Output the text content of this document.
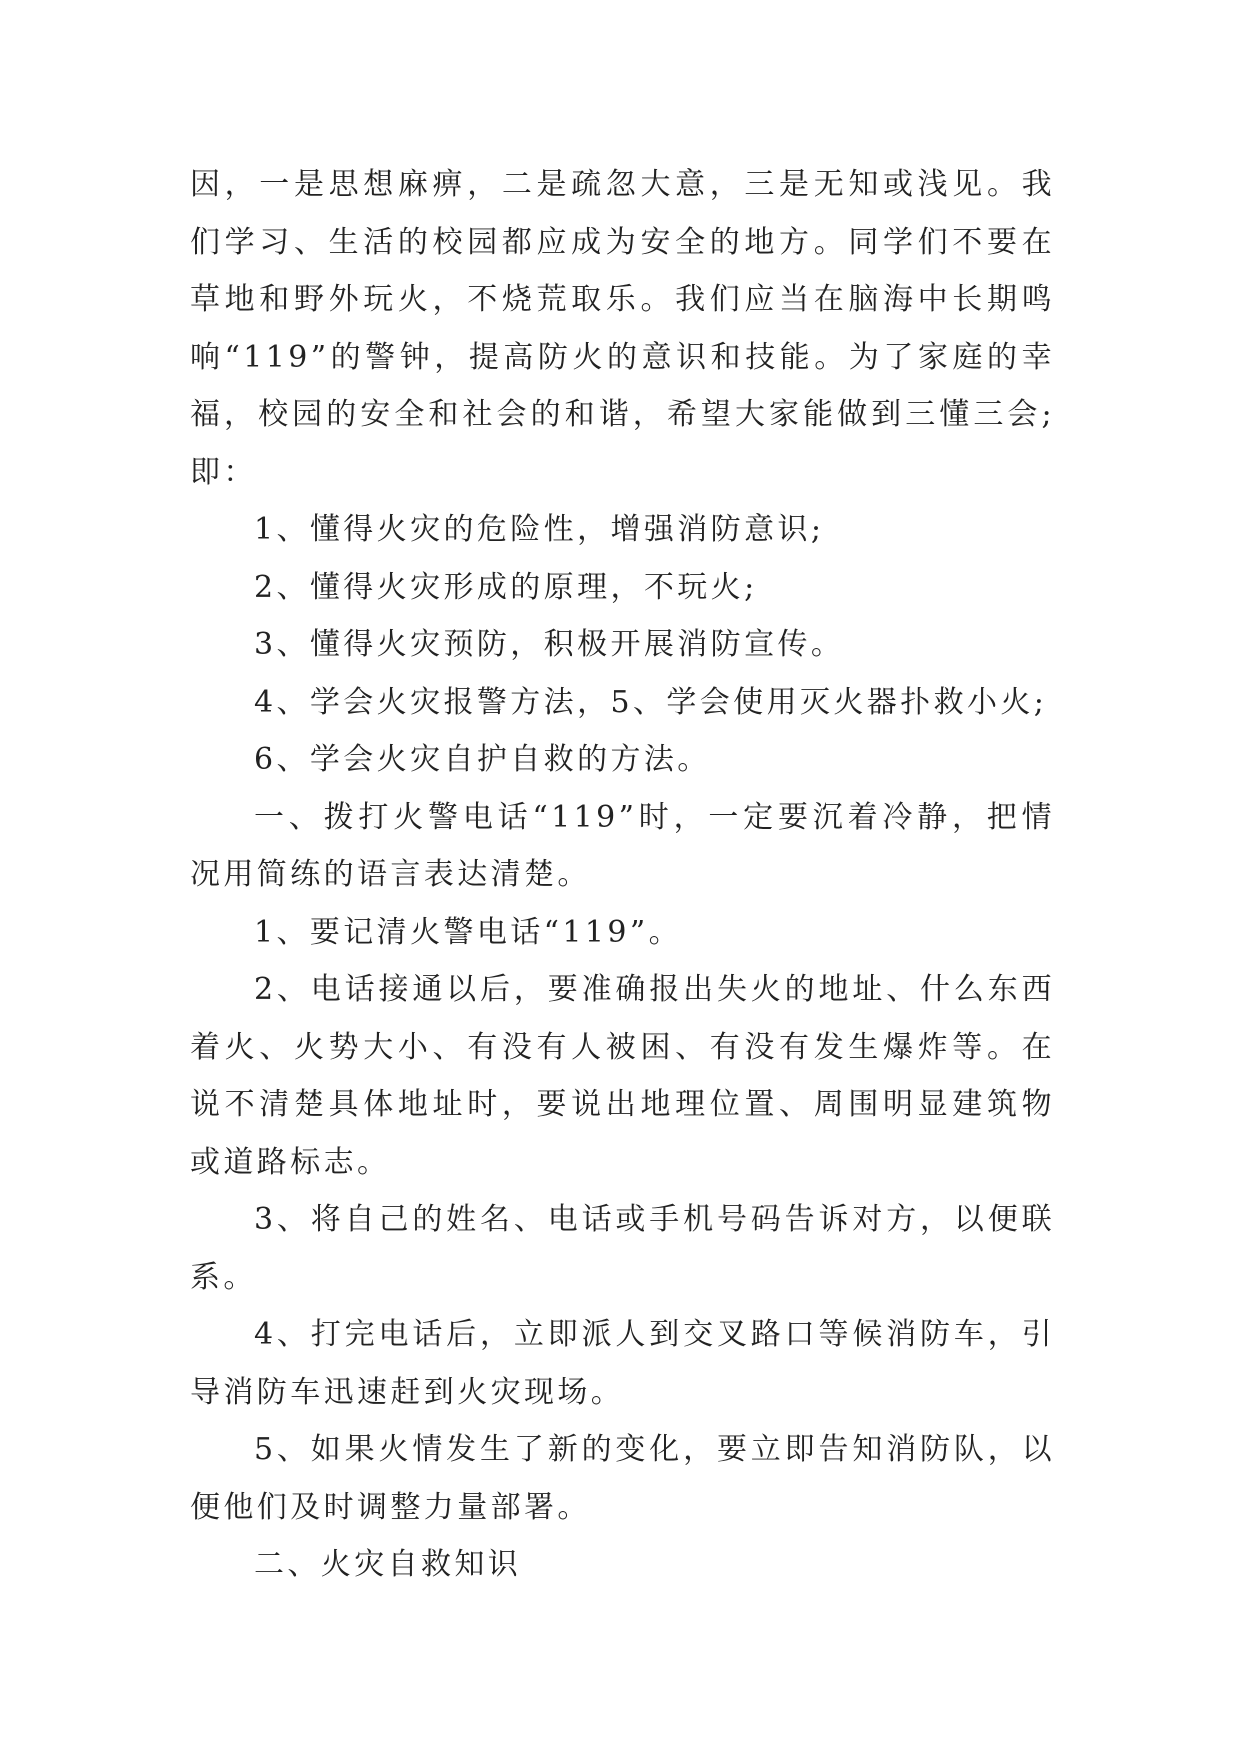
因，一是思想麻痹，二是疏忽大意，三是无知或浅见。我们学习、生活的校园都应成为安全的地方。同学们不要在草地和野外玩火，不烧荒取乐。我们应当在脑海中长期鸣响“119”的警钟，提高防火的意识和技能。为了家庭的幸福，校园的安全和社会的和谐，希望大家能做到三懂三会;即：

1、懂得火灾的危险性，增强消防意识;

2、懂得火灾形成的原理，不玩火;

3、懂得火灾预防，积极开展消防宣传。

4、学会火灾报警方法，5、学会使用灭火器扑救小火;

6、学会火灾自护自救的方法。

一、拨打火警电话“119”时，一定要沉着冷静，把情况用简练的语言表达清楚。

1、要记清火警电话“119”。

2、电话接通以后，要准确报出失火的地址、什么东西着火、火势大小、有没有人被困、有没有发生爆炸等。在说不清楚具体地址时，要说出地理位置、周围明显建筑物或道路标志。

3、将自己的姓名、电话或手机号码告诉对方，以便联系。

4、打完电话后，立即派人到交叉路口等候消防车，引导消防车迅速赶到火灾现场。

5、如果火情发生了新的变化，要立即告知消防队，以便他们及时调整力量部署。

二、火灾自救知识
